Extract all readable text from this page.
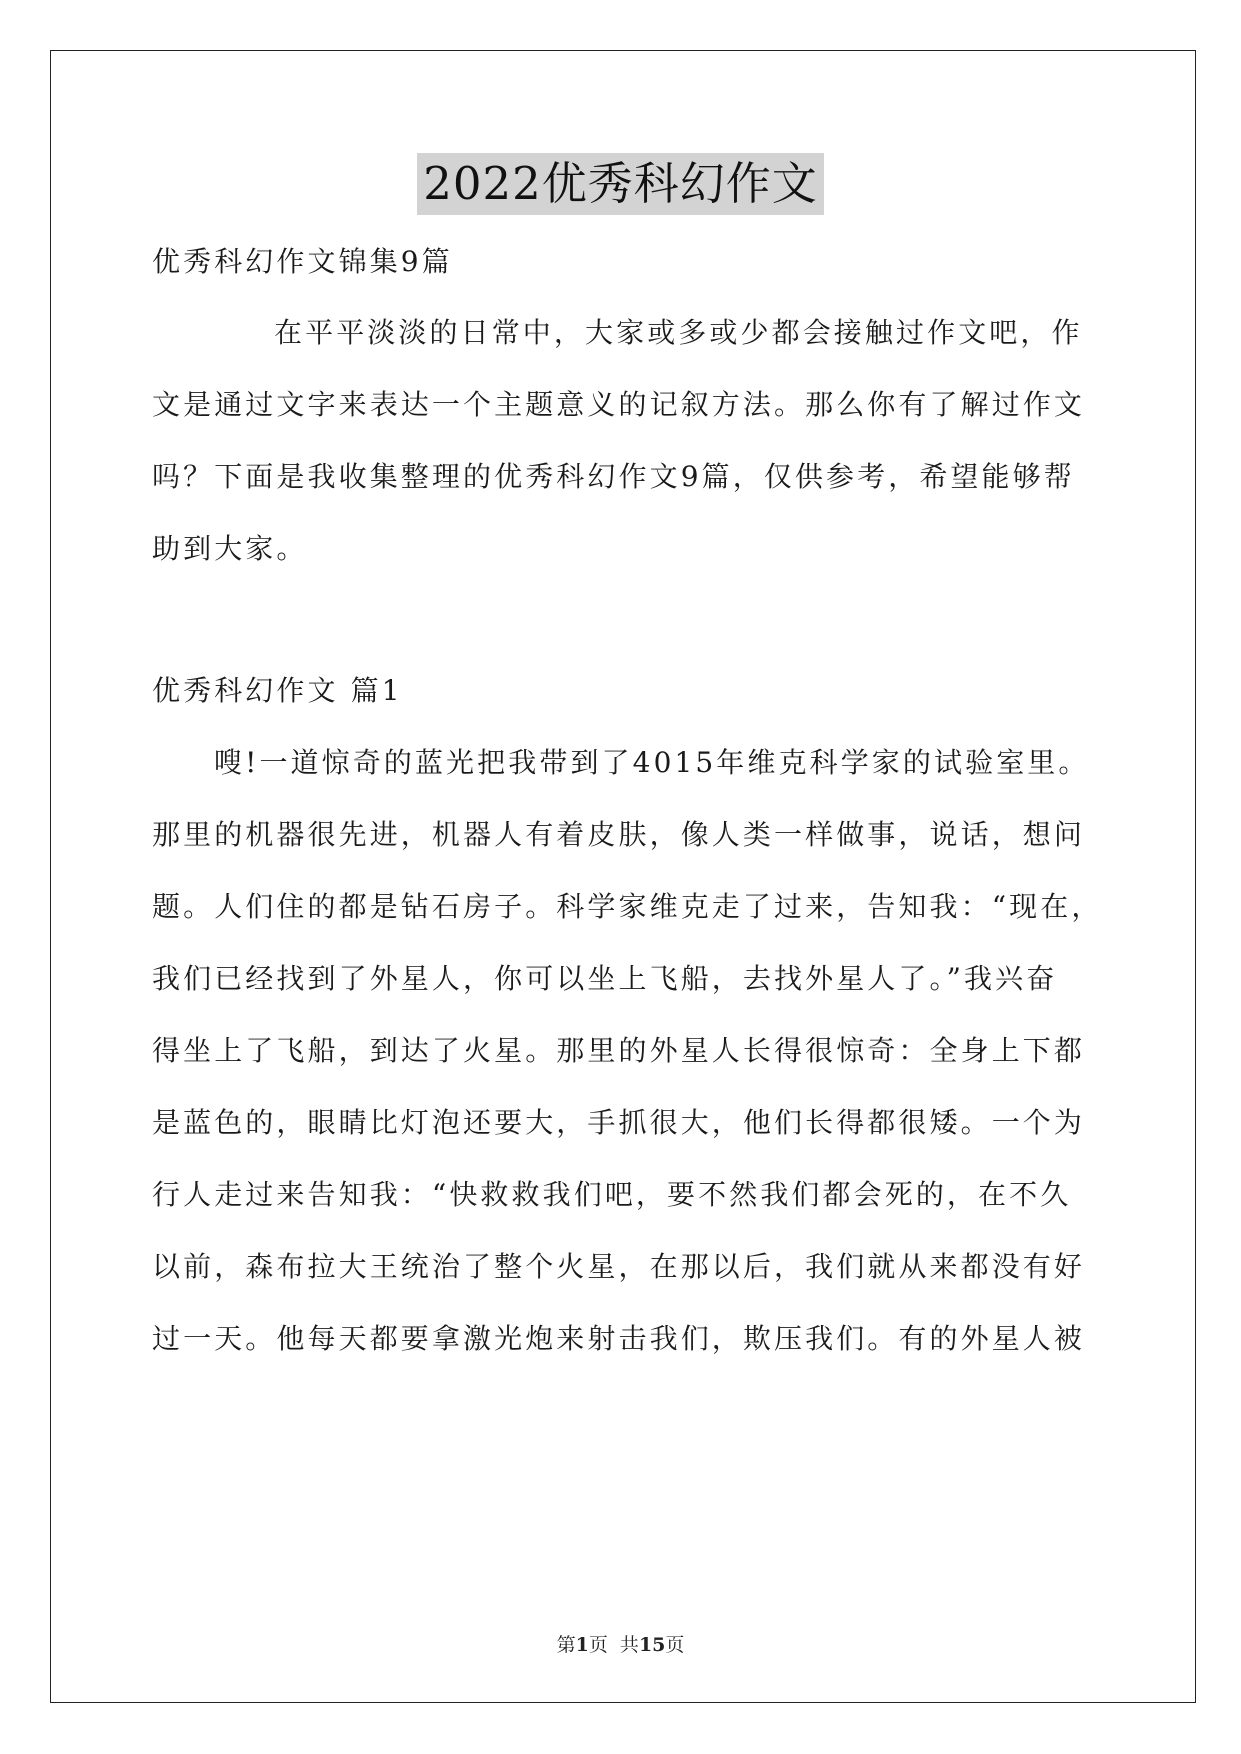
2022优秀科幻作文
优秀科幻作文锦集9篇
在平平淡淡的日常中，大家或多或少都会接触过作文吧，作
文是通过文字来表达一个主题意义的记叙方法。那么你有了解过作文
吗？下面是我收集整理的优秀科幻作文9篇，仅供参考，希望能够帮
助到大家。
优秀科幻作文 篇1
嗖!一道惊奇的蓝光把我带到了4015年维克科学家的试验室里。
那里的机器很先进，机器人有着皮肤，像人类一样做事，说话，想问
题。人们住的都是钻石房子。科学家维克走了过来，告知我：“现在，
我们已经找到了外星人，你可以坐上飞船，去找外星人了。”我兴奋
得坐上了飞船，到达了火星。那里的外星人长得很惊奇：全身上下都
是蓝色的，眼睛比灯泡还要大，手抓很大，他们长得都很矮。一个为
行人走过来告知我：“快救救我们吧，要不然我们都会死的，在不久
以前，森布拉大王统治了整个火星，在那以后，我们就从来都没有好
过一天。他每天都要拿激光炮来射击我们，欺压我们。有的外星人被
第1页  共15页
